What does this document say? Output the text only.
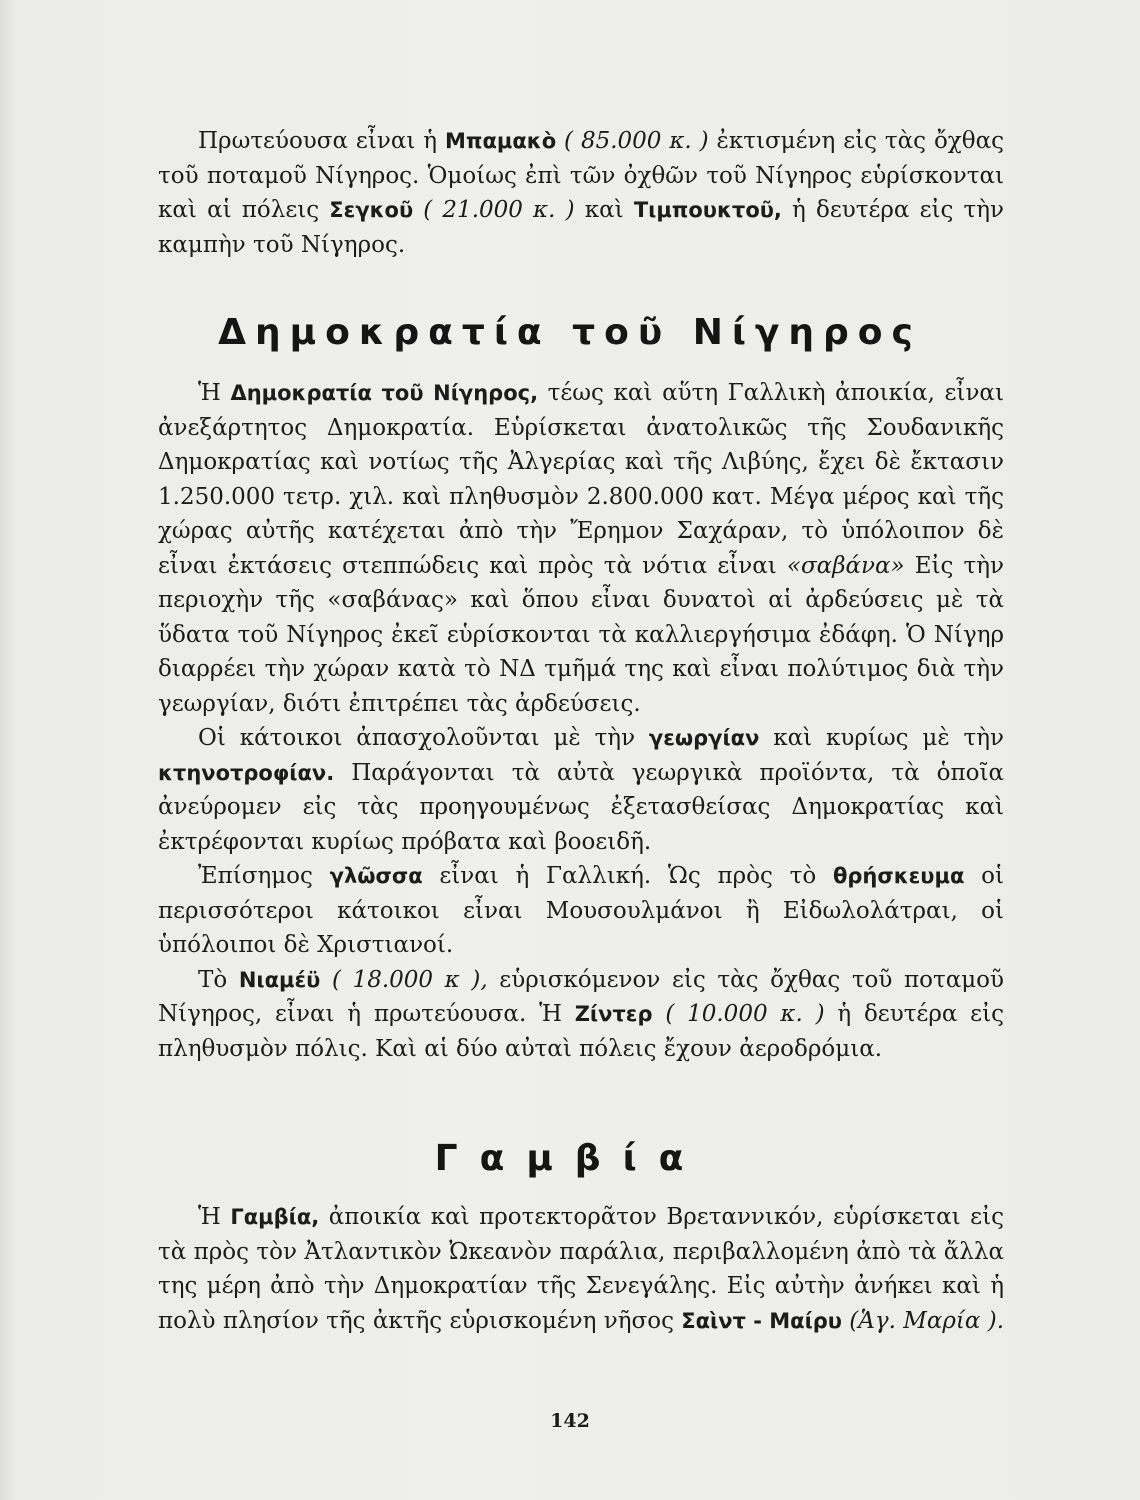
Πρωτεύουσα εἶναι ἡ Μπαμακὸ ( 85.000 κ. ) ἐκτισμένη εἰς τὰς ὄχθας τοῦ ποταμοῦ Νίγηρος. Ὁμοίως ἐπὶ τῶν ὀχθῶν τοῦ Νίγηρος εὑρίσκονται καὶ αἱ πόλεις Σεγκοῦ ( 21.000 κ. ) καὶ Τιμπουκτοῦ, ἡ δευτέρα εἰς τὴν καμπὴν τοῦ Νίγηρος.

Δημοκρατία τοῦ Νίγηρος

Ἡ Δημοκρατία τοῦ Νίγηρος, τέως καὶ αὕτη Γαλλικὴ ἀποικία, εἶναι ἀνεξάρτητος Δημοκρατία. Εὑρίσκεται ἀνατολικῶς τῆς Σουδανικῆς Δημοκρατίας καὶ νοτίως τῆς Ἀλγερίας καὶ τῆς Λιβύης, ἔχει δὲ ἔκτασιν 1.250.000 τετρ. χιλ. καὶ πληθυσμὸν 2.800.000 κατ. Μέγα μέρος καὶ τῆς χώρας αὐτῆς κατέχεται ἀπὸ τὴν Ἔρημον Σαχάραν, τὸ ὑπόλοιπον δὲ εἶναι ἐκτάσεις στεππώδεις καὶ πρὸς τὰ νότια εἶναι «σαβάνα» Εἰς τὴν περιοχὴν τῆς «σαβάνας» καὶ ὅπου εἶναι δυνατοὶ αἱ ἀρδεύσεις μὲ τὰ ὕδατα τοῦ Νίγηρος ἐκεῖ εὑρίσκονται τὰ καλλιεργήσιμα ἐδάφη. Ὁ Νίγηρ διαρρέει τὴν χώραν κατὰ τὸ ΝΔ τμῆμά της καὶ εἶναι πολύτιμος διὰ τὴν γεωργίαν, διότι ἐπιτρέπει τὰς ἀρδεύσεις.

Οἱ κάτοικοι ἀπασχολοῦνται μὲ τὴν γεωργίαν καὶ κυρίως μὲ τὴν κτηνοτροφίαν. Παράγονται τὰ αὐτὰ γεωργικὰ προϊόντα, τὰ ὁποῖα ἀνεύρομεν εἰς τὰς προηγουμένως ἐξετασθείσας Δημοκρατίας καὶ ἐκτρέφονται κυρίως πρόβατα καὶ βοοειδῆ.

Ἐπίσημος γλῶσσα εἶναι ἡ Γαλλική. Ὡς πρὸς τὸ θρήσκευμα οἱ περισσότεροι κάτοικοι εἶναι Μουσουλμάνοι ἢ Εἰδωλολάτραι, οἱ ὑπόλοιποι δὲ Χριστιανοί.

Τὸ Νιαμέϋ ( 18.000 κ ), εὑρισκόμενον εἰς τὰς ὄχθας τοῦ ποταμοῦ Νίγηρος, εἶναι ἡ πρωτεύουσα. Ἡ Ζίντερ ( 10.000 κ. ) ἡ δευτέρα εἰς πληθυσμὸν πόλις. Καὶ αἱ δύο αὐταὶ πόλεις ἔχουν ἀεροδρόμια.

Γαμβία

Ἡ Γαμβία, ἀποικία καὶ προτεκτορᾶτον Βρεταννικόν, εὑρίσκεται εἰς τὰ πρὸς τὸν Ἀτλαντικὸν Ὠκεανὸν παράλια, περιβαλλομένη ἀπὸ τὰ ἄλλα της μέρη ἀπὸ τὴν Δημοκρατίαν τῆς Σενεγάλης. Εἰς αὐτὴν ἀνήκει καὶ ἡ πολὺ πλησίον τῆς ἀκτῆς εὑρισκομένη νῆσος Σαὶντ - Μαίρυ (Ἁγ. Μαρία ).

142
